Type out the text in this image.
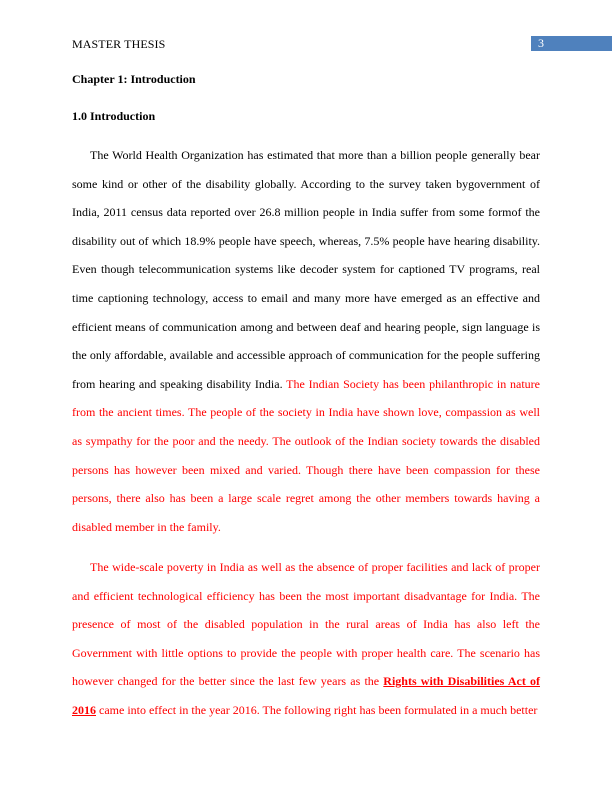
MASTER THESIS	3
Chapter 1: Introduction
1.0 Introduction

The World Health Organization has estimated that more than a billion people generally bear some kind or other of the disability globally. According to the survey taken bygovernment of India, 2011 census data reported over 26.8 million people in India suffer from some formof the disability out of which 18.9% people have speech, whereas, 7.5% people have hearing disability. Even though telecommunication systems like decoder system for captioned TV programs, real time captioning technology, access to email and many more have emerged as an effective and efficient means of communication among and between deaf and hearing people, sign language is the only affordable, available and accessible approach of communication for the people suffering from hearing and speaking disability India. The Indian Society has been philanthropic in nature from the ancient times. The people of the society in India have shown love, compassion as well as sympathy for the poor and the needy. The outlook of the Indian society towards the disabled persons has however been mixed and varied. Though there have been compassion for these persons, there also has been a large scale regret among the other members towards having a disabled member in the family.

The wide-scale poverty in India as well as the absence of proper facilities and lack of proper and efficient technological efficiency has been the most important disadvantage for India. The presence of most of the disabled population in the rural areas of India has also left the Government with little options to provide the people with proper health care. The scenario has however changed for the better since the last few years as the Rights with Disabilities Act of 2016 came into effect in the year 2016. The following right has been formulated in a much better
